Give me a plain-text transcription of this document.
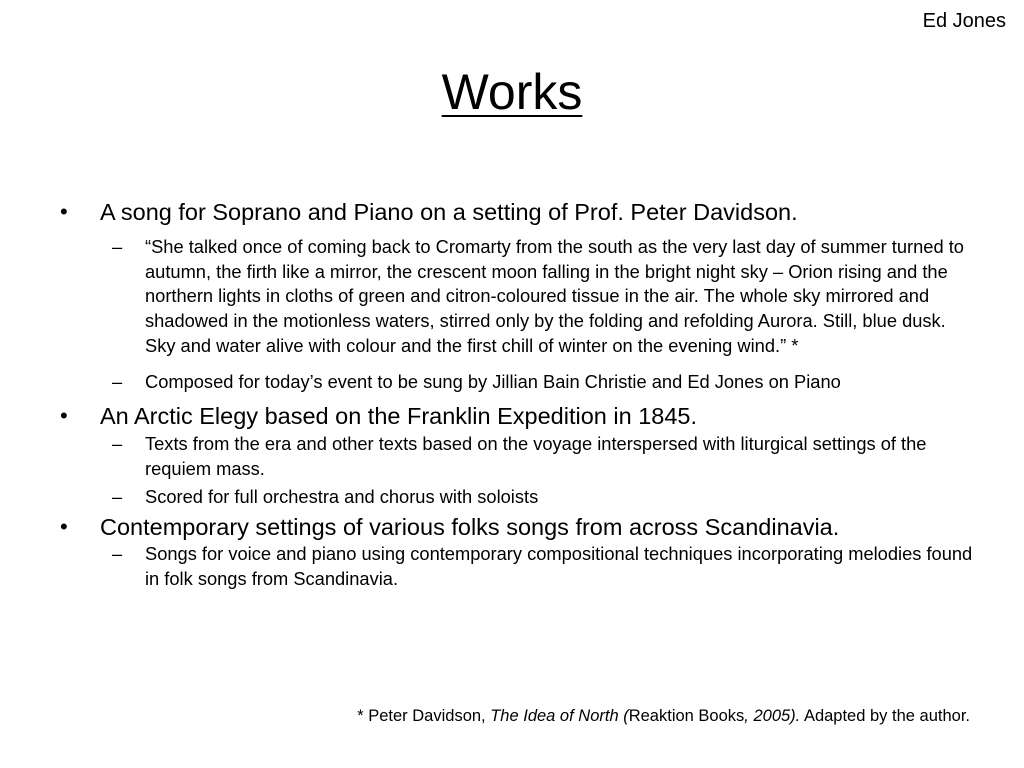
Ed Jones
Works
•	A song for Soprano and Piano on a setting of Prof. Peter Davidson.
– “She talked once of coming back to Cromarty from the south as the very last day of summer turned to autumn, the firth like a mirror, the crescent moon falling in the bright night sky – Orion rising and the northern lights in cloths of green and citron-coloured tissue in the air. The whole sky mirrored and shadowed in the motionless waters, stirred only by the folding and refolding Aurora. Still, blue dusk. Sky and water alive with colour and the first chill of winter on the evening wind.” *
– Composed for today’s event to be sung by Jillian Bain Christie and Ed Jones on Piano
•	An Arctic Elegy based on the Franklin Expedition in 1845.
– Texts from the era and other texts based on the voyage interspersed with liturgical settings of the requiem mass.
– Scored for full orchestra and chorus with soloists
•	Contemporary settings of various folks songs from across Scandinavia.
– Songs for voice and piano using contemporary compositional techniques incorporating melodies found in folk songs from Scandinavia.
* Peter Davidson, The Idea of North (Reaktion Books, 2005). Adapted by the author.
